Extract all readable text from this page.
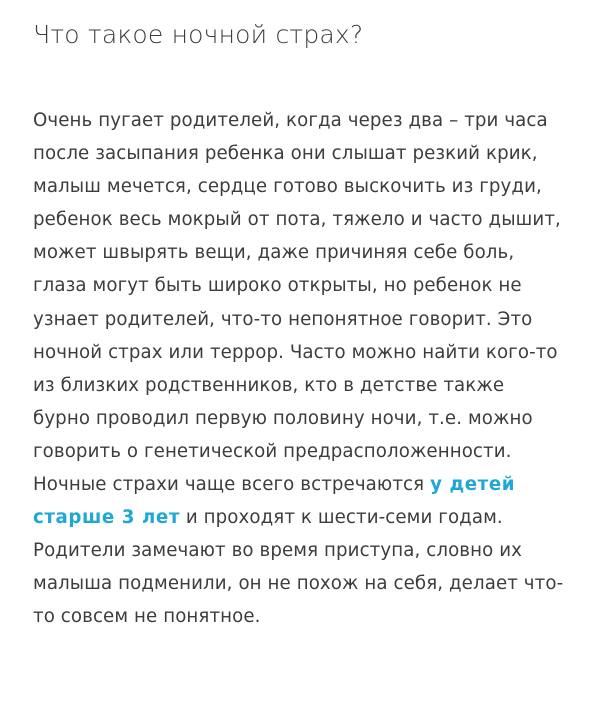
Что такое ночной страх?

Очень пугает родителей, когда через два – три часа после засыпания ребенка они слышат резкий крик, малыш мечется, сердце готово выскочить из груди, ребенок весь мокрый от пота, тяжело и часто дышит, может швырять вещи, даже причиняя себе боль, глаза могут быть широко открыты, но ребенок не узнает родителей, что-то непонятное говорит. Это ночной страх или террор. Часто можно найти кого-то из близких родственников, кто в детстве также бурно проводил первую половину ночи, т.е. можно говорить о генетической предрасположенности. Ночные страхи чаще всего встречаются у детей старше 3 лет и проходят к шести-семи годам. Родители замечают во время приступа, словно их малыша подменили, он не похож на себя, делает что-то совсем не понятное.
